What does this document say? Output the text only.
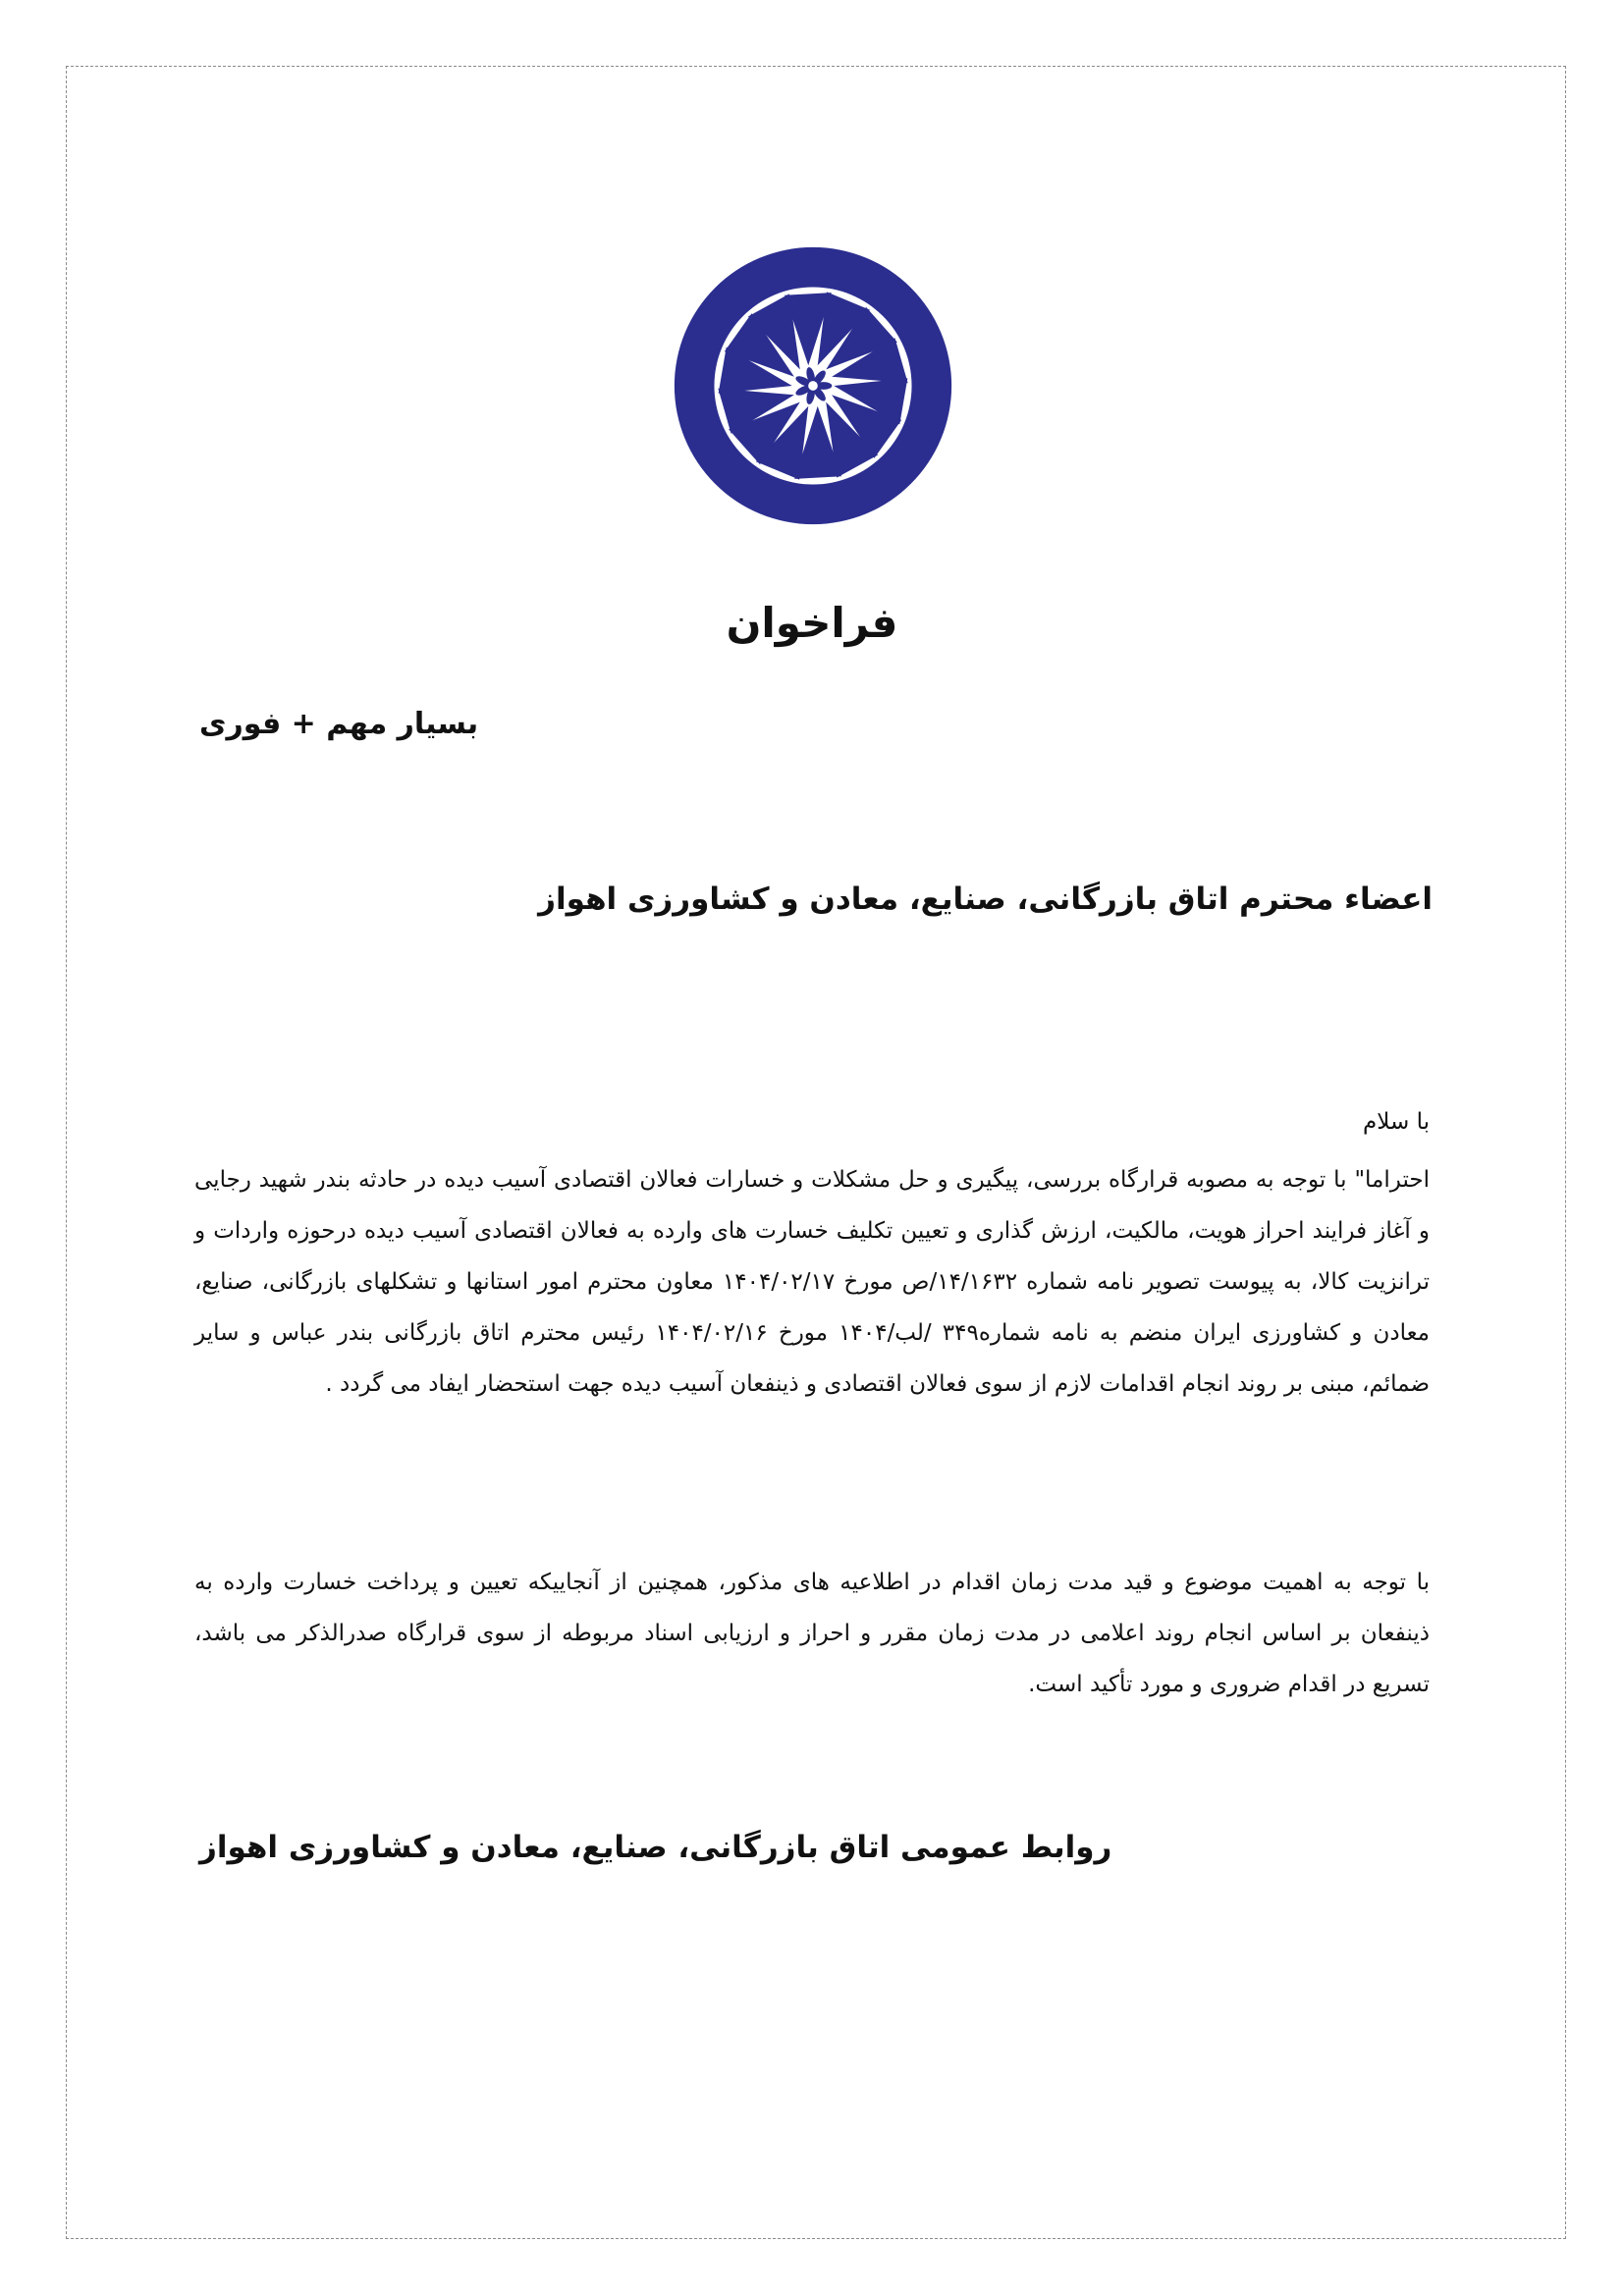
فراخوان

بسیار مهم + فوری

اعضاء محترم اتاق بازرگانی، صنایع، معادن و کشاورزی اهواز

با سلام

احتراما" با توجه به مصوبه قرارگاه بررسی، پیگیری و حل مشکلات و خسارات فعالان اقتصادی آسیب دیده در حادثه بندر شهید رجایی و آغاز فرایند احراز هویت، مالکیت، ارزش گذاری و تعیین تکلیف خسارت های وارده به فعالان اقتصادی آسیب دیده درحوزه واردات و ترانزیت کالا، به پیوست تصویر نامه شماره ۱۴/۱۶۳۲/ص مورخ ۱۴۰۴/۰۲/۱۷ معاون محترم امور استانها و تشکلهای بازرگانی، صنایع، معادن و کشاورزی ایران منضم به نامه شماره۳۴۹ /لب/۱۴۰۴ مورخ ۱۴۰۴/۰۲/۱۶ رئیس محترم اتاق بازرگانی بندر عباس و سایر ضمائم، مبنی بر روند انجام اقدامات لازم از سوی فعالان اقتصادی و ذینفعان آسیب دیده جهت استحضار ایفاد می گردد .

با توجه به اهمیت موضوع و قید مدت زمان اقدام در اطلاعیه های مذکور، همچنین از آنجاییکه تعیین و پرداخت خسارت وارده به ذینفعان بر اساس انجام روند اعلامی در مدت زمان مقرر و احراز و ارزیابی اسناد مربوطه از سوی قرارگاه صدرالذکر می باشد، تسریع در اقدام ضروری و مورد تأکید است.

روابط عمومی اتاق بازرگانی، صنایع، معادن و کشاورزی اهواز
